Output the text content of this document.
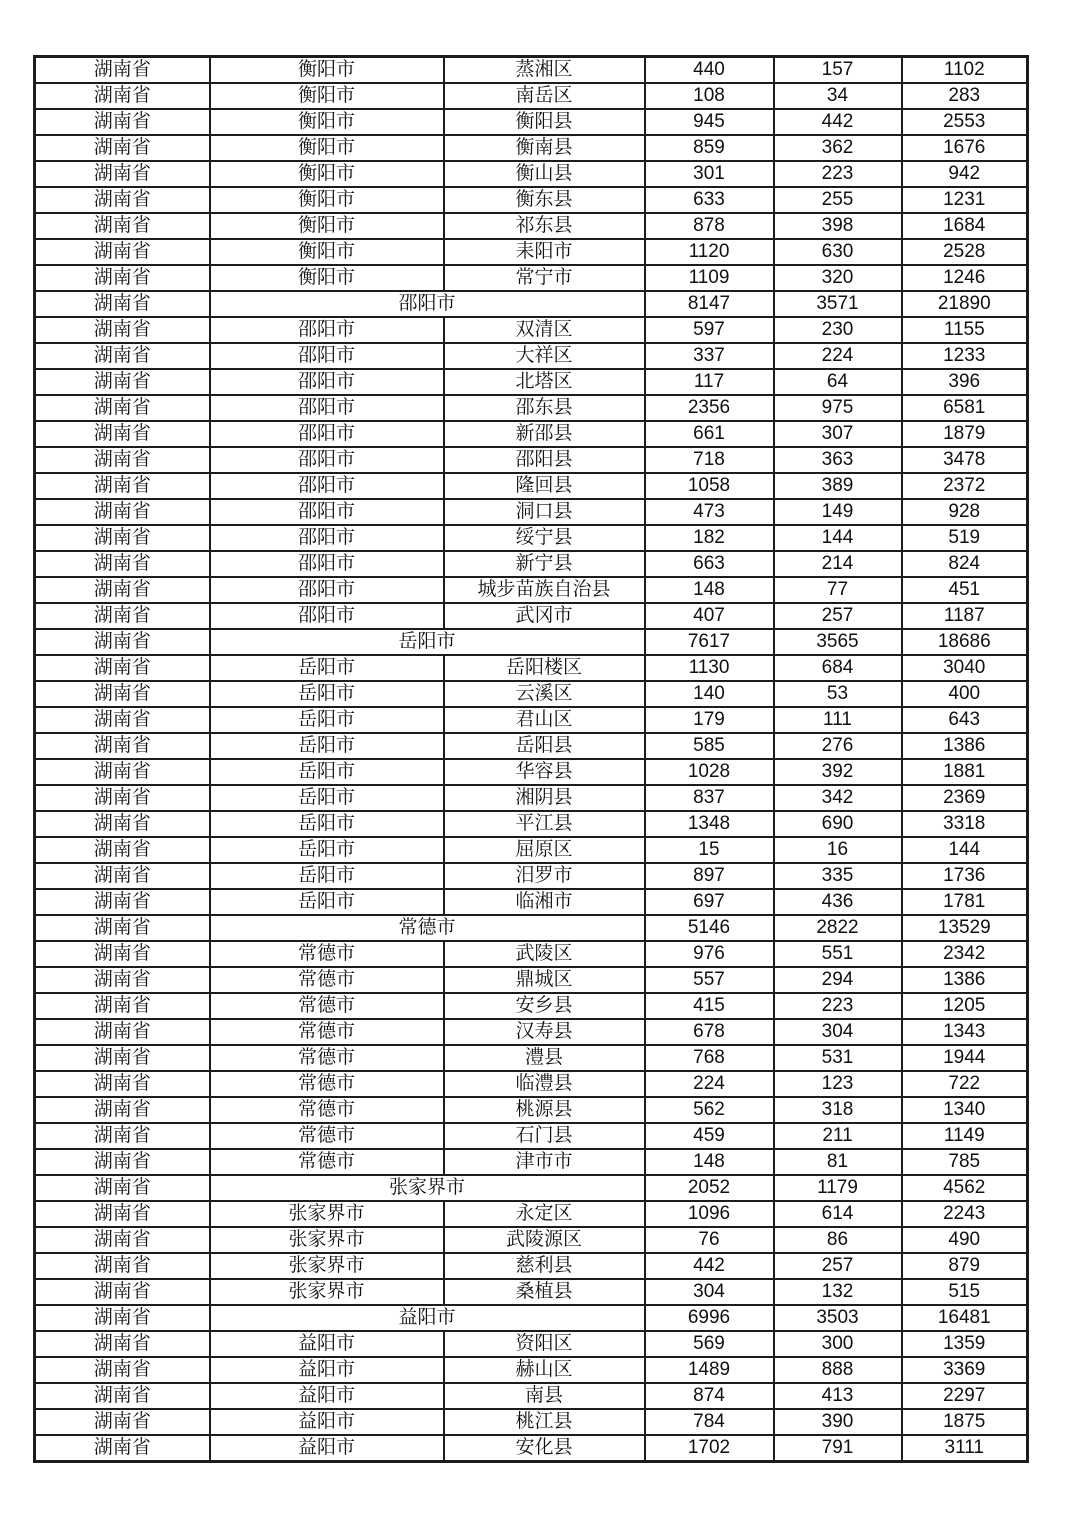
湖南省	衡阳市	蒸湘区	440	157	1102
湖南省	衡阳市	南岳区	108	34	283
湖南省	衡阳市	衡阳县	945	442	2553
湖南省	衡阳市	衡南县	859	362	1676
湖南省	衡阳市	衡山县	301	223	942
湖南省	衡阳市	衡东县	633	255	1231
湖南省	衡阳市	祁东县	878	398	1684
湖南省	衡阳市	耒阳市	1120	630	2528
湖南省	衡阳市	常宁市	1109	320	1246
湖南省	邵阳市		8147	3571	21890
湖南省	邵阳市	双清区	597	230	1155
湖南省	邵阳市	大祥区	337	224	1233
湖南省	邵阳市	北塔区	117	64	396
湖南省	邵阳市	邵东县	2356	975	6581
湖南省	邵阳市	新邵县	661	307	1879
湖南省	邵阳市	邵阳县	718	363	3478
湖南省	邵阳市	隆回县	1058	389	2372
湖南省	邵阳市	洞口县	473	149	928
湖南省	邵阳市	绥宁县	182	144	519
湖南省	邵阳市	新宁县	663	214	824
湖南省	邵阳市	城步苗族自治县	148	77	451
湖南省	邵阳市	武冈市	407	257	1187
湖南省	岳阳市		7617	3565	18686
湖南省	岳阳市	岳阳楼区	1130	684	3040
湖南省	岳阳市	云溪区	140	53	400
湖南省	岳阳市	君山区	179	111	643
湖南省	岳阳市	岳阳县	585	276	1386
湖南省	岳阳市	华容县	1028	392	1881
湖南省	岳阳市	湘阴县	837	342	2369
湖南省	岳阳市	平江县	1348	690	3318
湖南省	岳阳市	屈原区	15	16	144
湖南省	岳阳市	汨罗市	897	335	1736
湖南省	岳阳市	临湘市	697	436	1781
湖南省	常德市		5146	2822	13529
湖南省	常德市	武陵区	976	551	2342
湖南省	常德市	鼎城区	557	294	1386
湖南省	常德市	安乡县	415	223	1205
湖南省	常德市	汉寿县	678	304	1343
湖南省	常德市	澧县	768	531	1944
湖南省	常德市	临澧县	224	123	722
湖南省	常德市	桃源县	562	318	1340
湖南省	常德市	石门县	459	211	1149
湖南省	常德市	津市市	148	81	785
湖南省	张家界市		2052	1179	4562
湖南省	张家界市	永定区	1096	614	2243
湖南省	张家界市	武陵源区	76	86	490
湖南省	张家界市	慈利县	442	257	879
湖南省	张家界市	桑植县	304	132	515
湖南省	益阳市		6996	3503	16481
湖南省	益阳市	资阳区	569	300	1359
湖南省	益阳市	赫山区	1489	888	3369
湖南省	益阳市	南县	874	413	2297
湖南省	益阳市	桃江县	784	390	1875
湖南省	益阳市	安化县	1702	791	3111
